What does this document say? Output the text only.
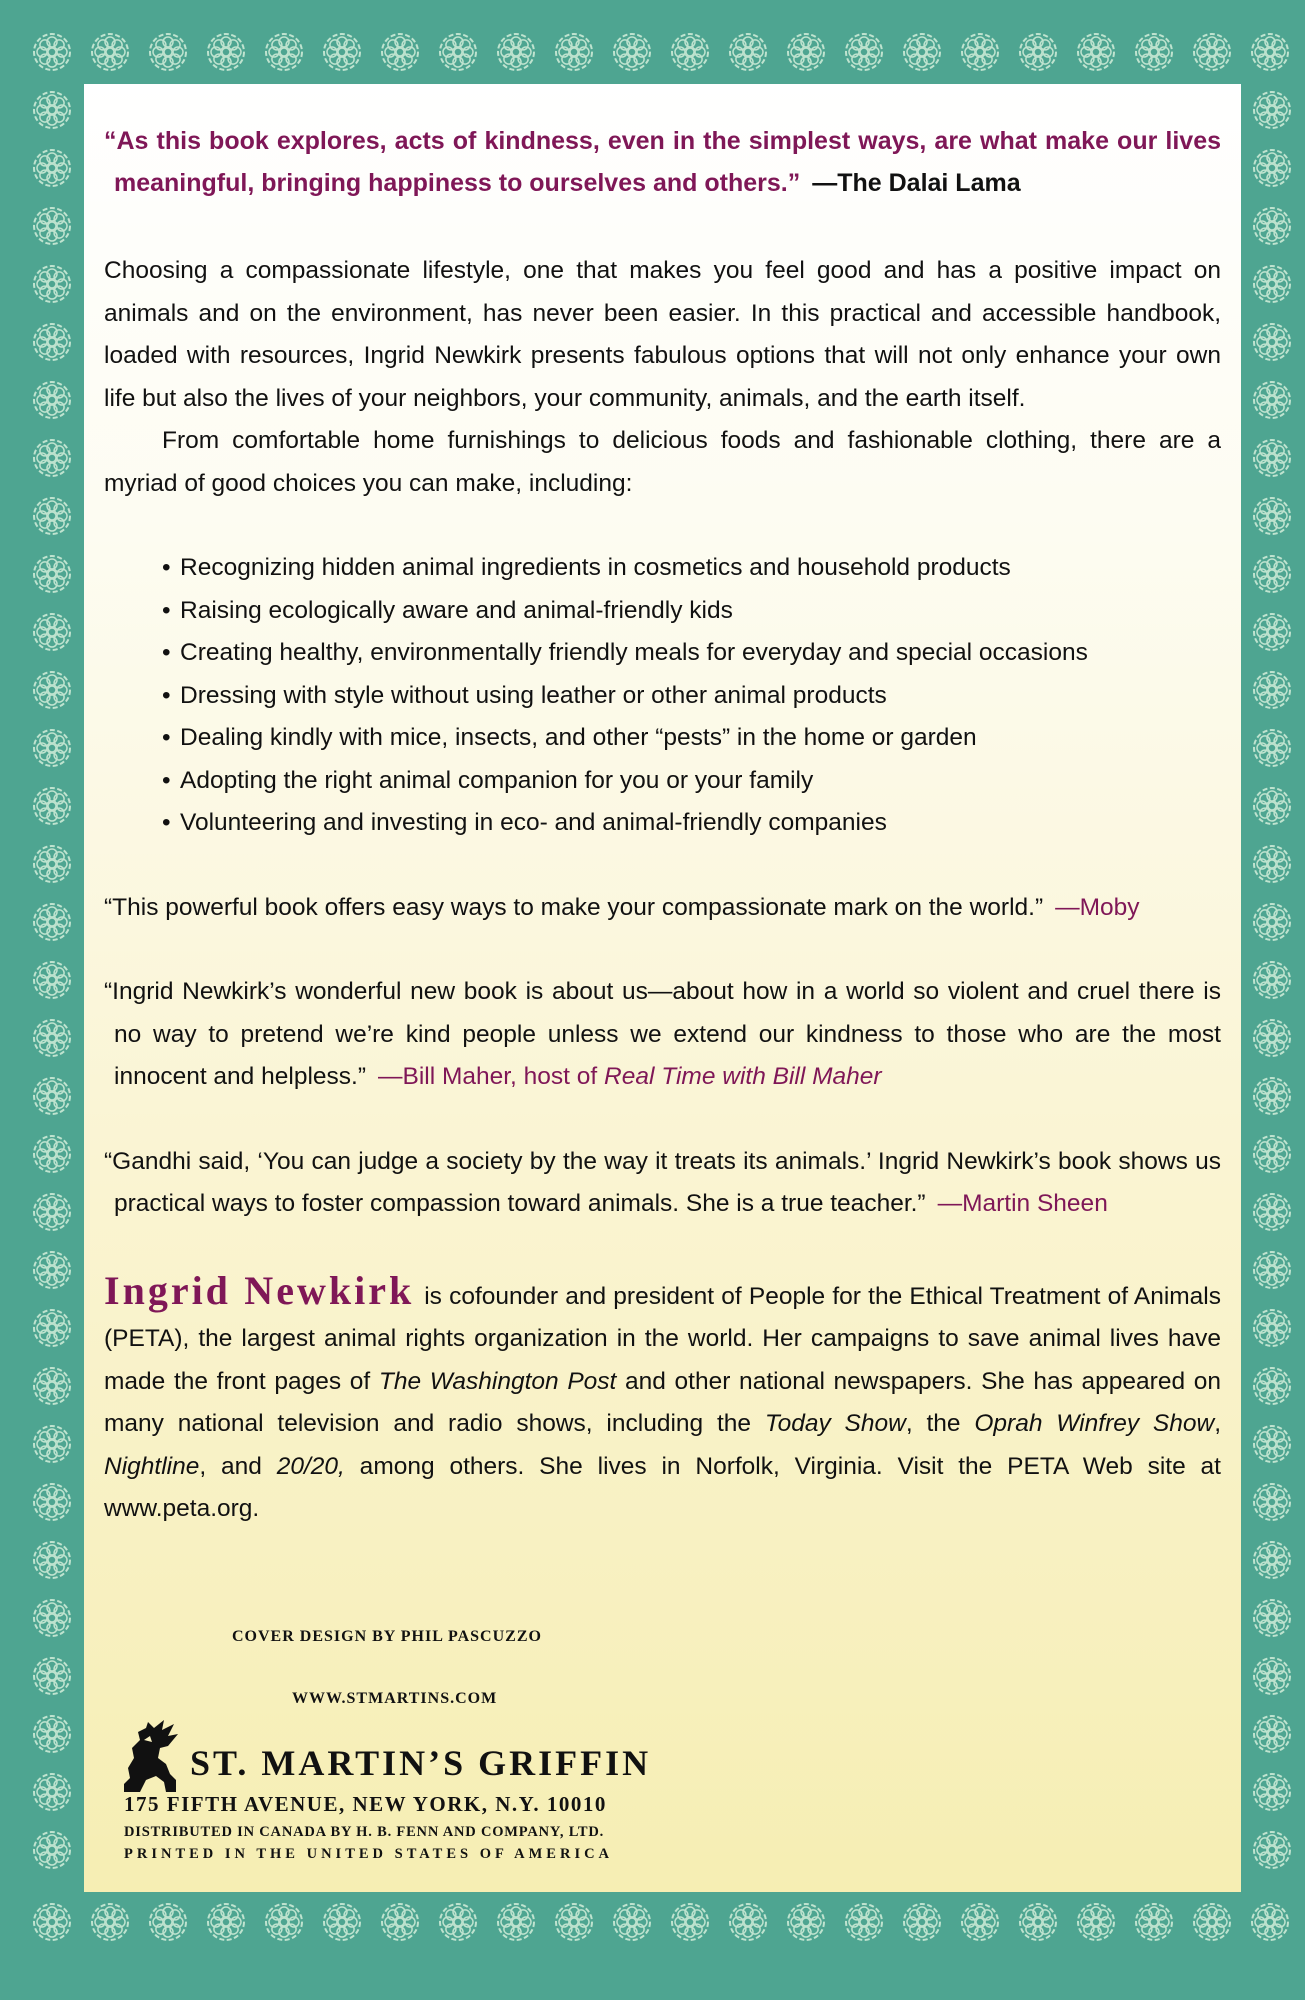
“As this book explores, acts of kindness, even in the simplest ways, are what make our lives meaningful, bringing happiness to ourselves and others.” —The Dalai Lama

Choosing a compassionate lifestyle, one that makes you feel good and has a positive impact on animals and on the environment, has never been easier. In this practical and accessible handbook, loaded with resources, Ingrid Newkirk presents fabulous options that will not only enhance your own life but also the lives of your neighbors, your community, animals, and the earth itself.

From comfortable home furnishings to delicious foods and fashionable clothing, there are a myriad of good choices you can make, including:

• Recognizing hidden animal ingredients in cosmetics and household products
• Raising ecologically aware and animal-friendly kids
• Creating healthy, environmentally friendly meals for everyday and special occasions
• Dressing with style without using leather or other animal products
• Dealing kindly with mice, insects, and other “pests” in the home or garden
• Adopting the right animal companion for you or your family
• Volunteering and investing in eco- and animal-friendly companies

“This powerful book offers easy ways to make your compassionate mark on the world.” —Moby

“Ingrid Newkirk’s wonderful new book is about us—about how in a world so violent and cruel there is no way to pretend we’re kind people unless we extend our kindness to those who are the most innocent and helpless.” —Bill Maher, host of Real Time with Bill Maher

“Gandhi said, ‘You can judge a society by the way it treats its animals.’ Ingrid Newkirk’s book shows us practical ways to foster compassion toward animals. She is a true teacher.” —Martin Sheen

Ingrid Newkirk is cofounder and president of People for the Ethical Treatment of Animals (PETA), the largest animal rights organization in the world. Her campaigns to save animal lives have made the front pages of The Washington Post and other national newspapers. She has appeared on many national television and radio shows, including the Today Show, the Oprah Winfrey Show, Nightline, and 20/20, among others. She lives in Norfolk, Virginia. Visit the PETA Web site at www.peta.org.

COVER DESIGN BY PHIL PASCUZZO
WWW.STMARTINS.COM
ST. MARTIN’S GRIFFIN
175 FIFTH AVENUE, NEW YORK, N.Y. 10010
DISTRIBUTED IN CANADA BY H. B. FENN AND COMPANY, LTD.
PRINTED IN THE UNITED STATES OF AMERICA
